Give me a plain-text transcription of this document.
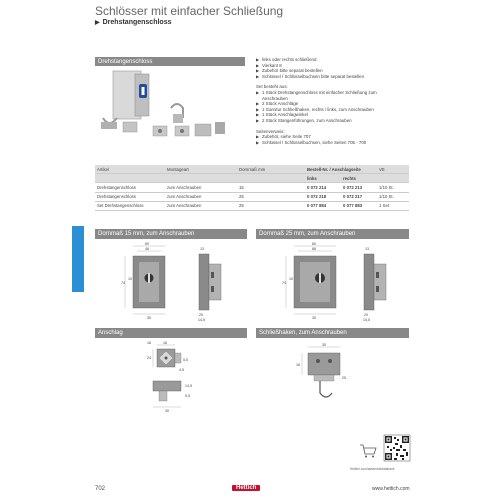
Schlösser mit einfacher Schließung
▶ Drehstangenschloss
Drehstangenschloss	▶ links oder rechts schließend
▶ Vierkant 8
▶ Zubehör bitte separat bestellen
▶ Schlüssel / Schlüsselbuchsen bitte separat bestellen
Set besteht aus:
▶ 1 Stück Drehstangenschloss mit einfacher Schließung zum
Anschrauben
▶ 2 Stück Anschläge
▶ 1 Garnitur Schließhaken, rechts / links, zum Anschrauben
▶ 1 Stück Anschlagwinkel
▶ 2 Stück Stangenführungen, zum Anschrauben
Seitenverweis:
▶ Zubehör, siehe Seite 707
▶ Schlüssel / Schlüsselbuchsen, siehe Seiten 705 - 700
Artikel	Montageart	Dornmaß mm	Bestell-Nr. / Anschlagseite		VE
			links	rechts	
Drehstangenschloss	zum Anschrauben	15	0 072 214	0 072 213	1/10 St.
Drehstangenschloss	zum Anschrauben	25	0 072 218	0 072 217	1/10 St.
Set Drehstangenschloss	zum Anschrauben	25	0 077 884	0 077 883	1 Set
Dornmaß 15 mm, zum Anschrauben	Dornmaß 25 mm, zum Anschrauben
Anschlag	Schließhaken, zum Anschrauben
60
46
10
74
30
13
20
14,5
80
66
10
74
30
13
20
14,5
16	16
24	5,5
4,5
30
14,5
9,5
30
16
25
Hettich.com/assembledatabank
702	Hettich	www.hettich.com
